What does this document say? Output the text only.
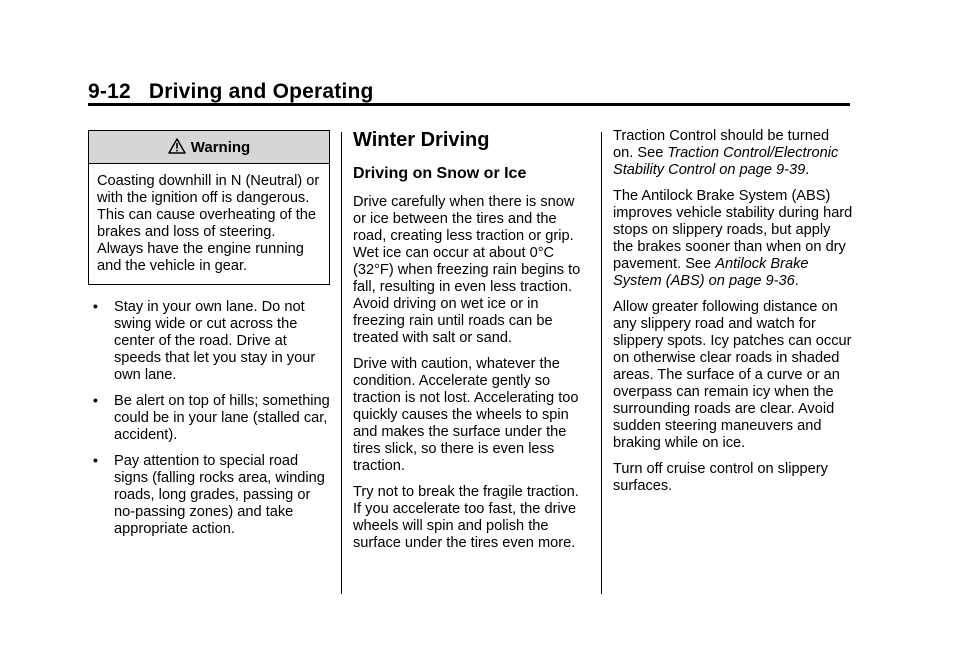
9-12 Driving and Operating
Warning
Coasting downhill in N (Neutral) or with the ignition off is dangerous. This can cause overheating of the brakes and loss of steering. Always have the engine running and the vehicle in gear.
• Stay in your own lane. Do not swing wide or cut across the center of the road. Drive at speeds that let you stay in your own lane.
• Be alert on top of hills; something could be in your lane (stalled car, accident).
• Pay attention to special road signs (falling rocks area, winding roads, long grades, passing or no-passing zones) and take appropriate action.
Winter Driving
Driving on Snow or Ice

Drive carefully when there is snow or ice between the tires and the road, creating less traction or grip. Wet ice can occur at about 0°C (32°F) when freezing rain begins to fall, resulting in even less traction. Avoid driving on wet ice or in freezing rain until roads can be treated with salt or sand.

Drive with caution, whatever the condition. Accelerate gently so traction is not lost. Accelerating too quickly causes the wheels to spin and makes the surface under the tires slick, so there is even less traction.

Try not to break the fragile traction. If you accelerate too fast, the drive wheels will spin and polish the surface under the tires even more.

Traction Control should be turned on. See Traction Control/Electronic Stability Control on page 9-39.

The Antilock Brake System (ABS) improves vehicle stability during hard stops on slippery roads, but apply the brakes sooner than when on dry pavement. See Antilock Brake System (ABS) on page 9-36.

Allow greater following distance on any slippery road and watch for slippery spots. Icy patches can occur on otherwise clear roads in shaded areas. The surface of a curve or an overpass can remain icy when the surrounding roads are clear. Avoid sudden steering maneuvers and braking while on ice.

Turn off cruise control on slippery surfaces.
